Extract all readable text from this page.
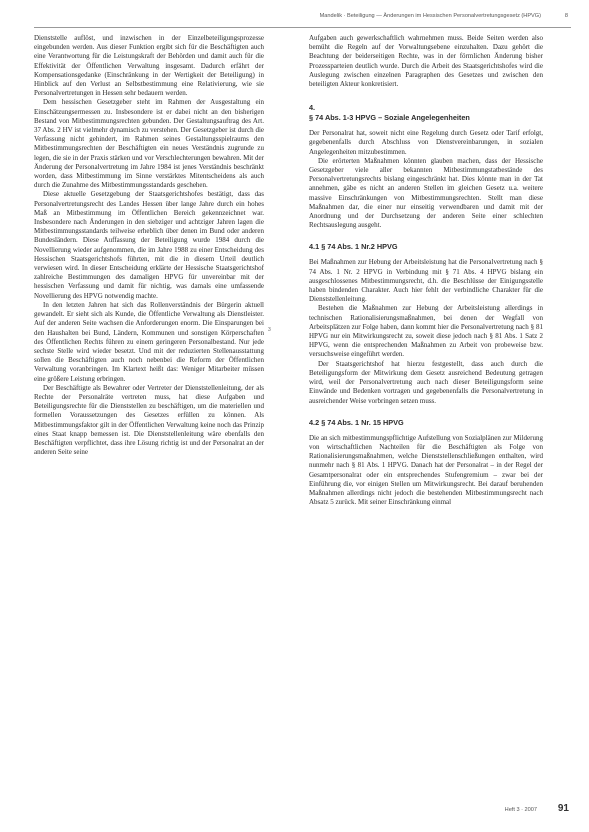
Mandelik · Beteiligung — Änderungen im Hessischen Personalvertretungsgesetz (HPVG)	8

Dienststelle auflöst, und inzwischen in der Einzelbeteiligungsprozesse eingebunden werden. Aus dieser Funktion ergibt sich für die Beschäftigten auch eine Verantwortung für die Leistungskraft der Behörden und damit auch für die Effektivität der Öffentlichen Verwaltung insgesamt. Dadurch erfährt der Kompensationsgedanke (Einschränkung in der Wertigkeit der Beteiligung) in Hinblick auf den Verlust an Selbstbestimmung eine Relativierung, wie sie Personalvertretungen in Hessen sehr bedauern werden.

Dem hessischen Gesetzgeber steht im Rahmen der Ausgestaltung ein Einschätzungsermessen zu. Insbesondere ist er dabei nicht an den bisherigen Bestand von Mitbestimmungsrechten gebunden. Der Gestaltungsauftrag des Art. 37 Abs. 2 HV ist vielmehr dynamisch zu verstehen. Der Gesetzgeber ist durch die Verfassung nicht gehindert, im Rahmen seines Gestaltungsspielraums den Mitbestimmungsrechten der Beschäftigten ein neues Verständnis zugrunde zu legen, die sie in der Praxis stärken und vor Verschlechterungen bewahren. Mit der Änderung der Personalvertretung im Jahre 1984 ist jenes Verständnis beschränkt worden, dass Mitbestimmung im Sinne verstärktes Mitentscheidens als auch durch die Zunahme des Mitbestimmungsstandards geschehen.

Diese aktuelle Gesetzgebung der Staatsgerichtshofes bestätigt, dass das Personalvertretungsrecht des Landes Hessen über lange Jahre durch ein hohes Maß an Mitbestimmung im Öffentlichen Bereich gekennzeichnet war. Insbesondere nach Änderungen in den siebziger und achtziger Jahren lagen die Mitbestimmungsstandards teilweise erheblich über denen im Bund oder anderen Bundesländern. Diese Auffassung der Beteiligung wurde 1984 durch die Novellierung wieder aufgenommen, die im Jahre 1988 zu einer Entscheidung des Hessischen Staatsgerichtshofs führten, mit die in diesem Urteil deutlich verwiesen wird. In dieser Entscheidung erklärte der Hessische Staatsgerichtshof zahlreiche Bestimmungen des damaligen HPVG für unvereinbar mit der hessischen Verfassung und damit für nichtig, was damals eine umfassende Novellierung des HPVG notwendig machte.

In den letzten Jahren hat sich das Rollenverständnis der Bürgerin aktuell gewandelt. Er sieht sich als Kunde, die Öffentliche Verwaltung als Dienstleister. Auf der anderen Seite wachsen die Anforderungen enorm. Die Einsparungen bei den Haushalten bei Bund, Ländern, Kommunen und sonstigen Körperschaften des Öffentlichen Rechts führen zu einem geringeren Personalbestand. Nur jede sechste Stelle wird wieder besetzt. Und mit der reduzierten Stellenausstattung sollen die Beschäftigten auch noch nebenbei die Reform der Öffentlichen Verwaltung voranbringen. Im Klartext heißt das: Weniger Mitarbeiter müssen eine größere Leistung erbringen.

Der Beschäftigte als Bewahrer oder Vertreter der Dienststellenleitung, der als Rechte der Personalräte vertreten muss, hat diese Aufgaben und Beteiligungsrechte für die Dienststellen zu beschäftigen, um die materiellen und formellen Voraussetzungen des Gesetzes erfüllen zu können. Als Mitbestimmungsfaktor gilt in der Öffentlichen Verwaltung keine noch das Prinzip eines Staat knapp bemessen ist. Die Dienststellenleitung wäre ebenfalls den Beschäftigten verpflichtet, dass ihre Lösung richtig ist und der Personalrat an der anderen Seite seine

3

Aufgaben auch gewerkschaftlich wahrnehmen muss. Beide Seiten werden also bemüht die Regeln auf der Vorwaltungsebene einzuhalten. Dazu gehört die Beachtung der beiderseitigen Rechte, was in der förmlichen Änderung bisher Prozessparteien deutlich wurde. Durch die Arbeit des Staatsgerichtshofes wird die Auslegung zwischen einzelnen Paragraphen des Gesetzes und zwischen den beteiligten Akteur konkretisiert.

4.
§ 74 Abs. 1-3 HPVG – Soziale Angelegenheiten

Der Personalrat hat, soweit nicht eine Regelung durch Gesetz oder Tarif erfolgt, gegebenenfalls durch Abschluss von Dienstvereinbarungen, in sozialen Angelegenheiten mitzubestimmen.

Die erörterten Maßnahmen könnten glauben machen, dass der Hessische Gesetzgeber viele aller bekannten Mitbestimmungstatbestände des Personalvertretungsrechts bislang eingeschränkt hat. Dies könnte man in der Tat annehmen, gäbe es nicht an anderen Stellen im gleichen Gesetz u.a. weitere massive Einschränkungen von Mitbestimmungsrechten. Stellt man diese Maßnahmen dar, die einer nur einseitig verwendbaren und damit mit der Anordnung und der Durchsetzung der anderen Seite einer schlechten Rechtsauslegung ausgeht.

4.1 § 74 Abs. 1 Nr.2 HPVG

Bei Maßnahmen zur Hebung der Arbeitsleistung hat die Personalvertretung nach § 74 Abs. 1 Nr. 2 HPVG in Verbindung mit § 71 Abs. 4 HPVG bislang ein ausgeschlossenes Mitbestimmungsrecht, d.h. die Beschlüsse der Einigungsstelle haben bindenden Charakter. Auch hier fehlt der verbindliche Charakter für die Dienststellenleitung.

Bestehen die Maßnahmen zur Hebung der Arbeitsleistung allerdings in technischen Rationalisierungsmaßnahmen, bei denen der Wegfall von Arbeitsplätzen zur Folge haben, dann kommt hier die Personalvertretung nach § 81 HPVG nur ein Mitwirkungsrecht zu, soweit diese jedoch nach § 81 Abs. 1 Satz 2 HPVG, wenn die entsprechenden Maßnahmen zu Arbeit von probeweise bzw. versuchsweise eingeführt werden.

Der Staatsgerichtshof hat hierzu festgestellt, dass auch durch die Beteiligungsform der Mitwirkung dem Gesetz ausreichend Bedeutung getragen wird, weil der Personalvertretung auch nach dieser Beteiligungsform seine Einwände und Bedenken vortragen und gegebenenfalls die Personalvertretung in ausreichender Weise vorbringen setzen muss.

4.2 § 74 Abs. 1 Nr. 15 HPVG

Die an sich mitbestimmungspflichtige Aufstellung von Sozialplänen zur Milderung von wirtschaftlichen Nachteilen für die Beschäftigten als Folge von Rationalisierungsmaßnahmen, welche Dienststellenschließungen enthalten, wird nunmehr nach § 81 Abs. 1 HPVG. Danach hat der Personalrat – in der Regel der Gesamtpersonalrat oder ein entsprechendes Stufengremium – zwar bei der Einführung die, vor einigen Stellen um Mitwirkungsrecht. Bei darauf beruhenden Maßnahmen allerdings nicht jedoch die bestehenden Mitbestimmungsrecht nach Absatz 5 zurück. Mit seiner Einschränkung einmal

Heft 3 · 2007 91
